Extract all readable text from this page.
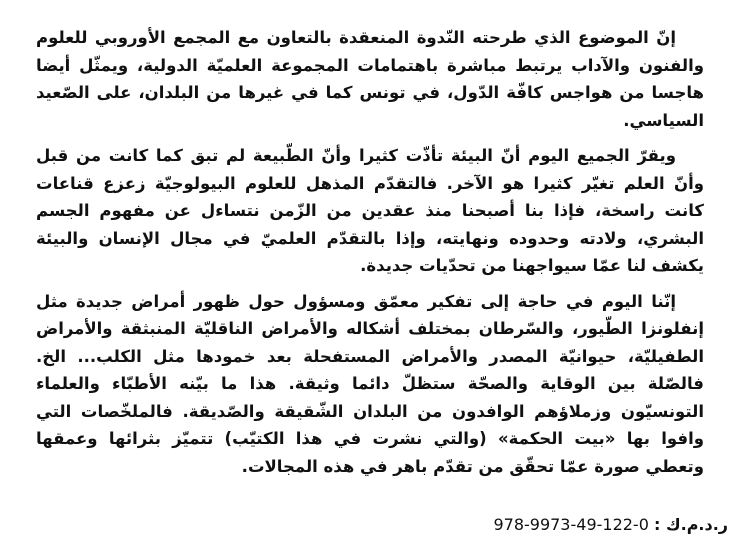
إنّ الموضوع الذي طرحته النّدوة المنعقدة بالتعاون مع المجمع الأوروبي للعلوم والفنون والآداب يرتبط مباشرة باهتمامات المجموعة العلميّة الدولية، ويمثّل أيضا هاجسا من هواجس كافّة الدّول، في تونس كما في غيرها من البلدان، على الصّعيد السياسي.

ويقرّ الجميع اليوم أنّ البيئة تأذّت كثيرا وأنّ الطّبيعة لم تبق كما كانت من قبل وأنّ العلم تغيّر كثيرا هو الآخر. فالتقدّم المذهل للعلوم البيولوجيّة زعزع قناعات كانت راسخة، فإذا بنا أصبحنا منذ عقدين من الزّمن نتساءل عن مفهوم الجسم البشري، ولادته وحدوده ونهايته، وإذا بالتقدّم العلميّ في مجال الإنسان والبيئة يكشف لنا عمّا سيواجهنا من تحدّيات جديدة.

إنّنا اليوم في حاجة إلى تفكير معمّق ومسؤول حول ظهور أمراض جديدة مثل إنفلونزا الطّيور، والسّرطان بمختلف أشكاله والأمراض الناقليّة المنبثقة والأمراض الطفيليّة، حيوانيّة المصدر والأمراض المستفحلة بعد خمودها مثل الكلب... الخ. فالصّلة بين الوقاية والصحّة ستظلّ دائما وثيقة. هذا ما بيّنه الأطبّاء والعلماء التونسيّون وزملاؤهم الوافدون من البلدان الشّقيقة والصّديقة. فالملخّصات التي وافوا بها «بيت الحكمة» (والتي نشرت في هذا الكتيّب) تتميّز بثرائها وعمقها وتعطي صورة عمّا تحقّق من تقدّم باهر في هذه المجالات.

ر.د.م.ك : 978-9973-49-122-0
